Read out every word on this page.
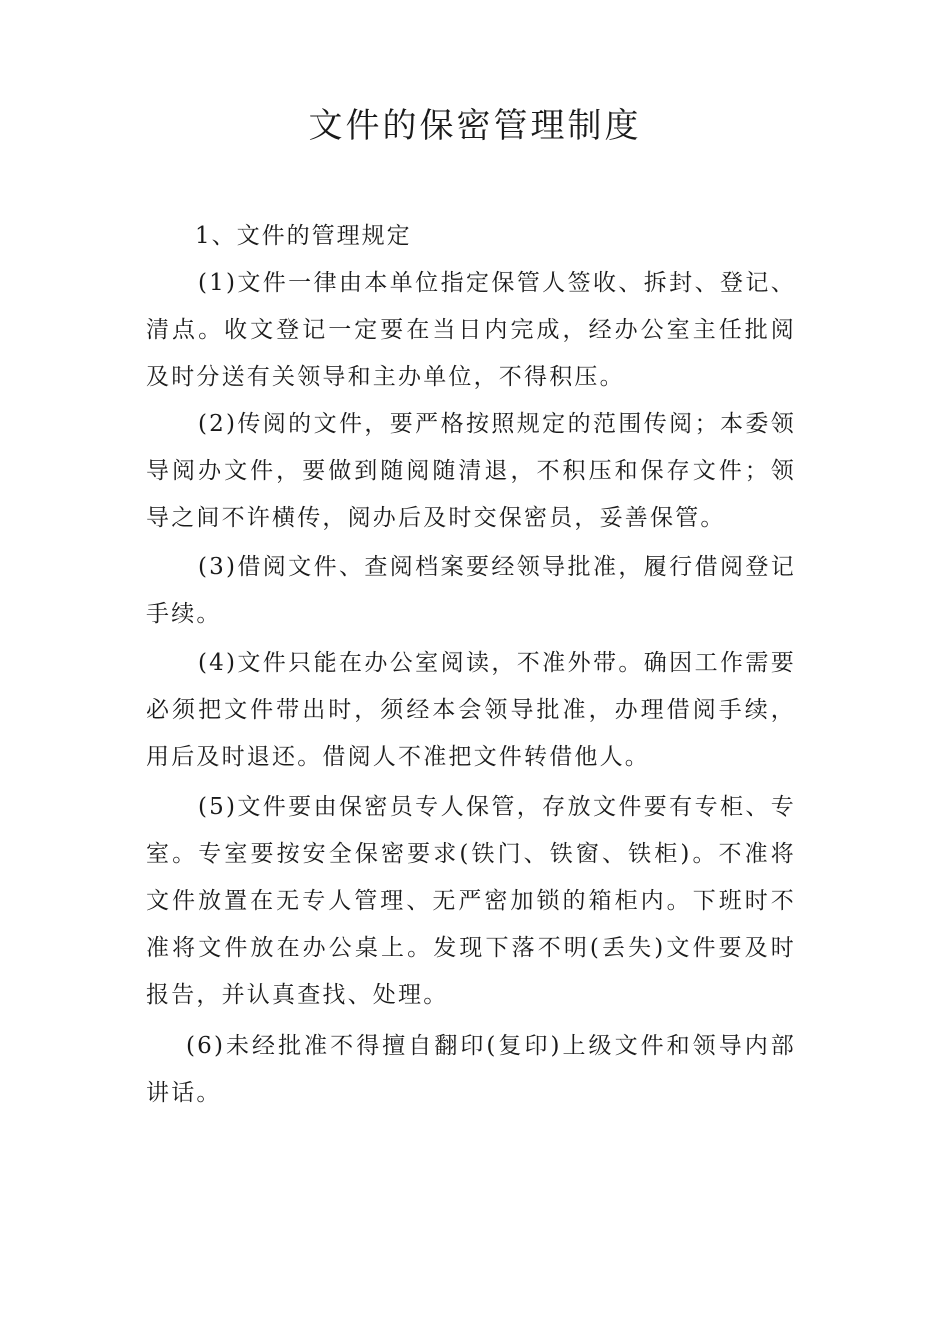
文件的保密管理制度

1、文件的管理规定

(1)文件一律由本单位指定保管人签收、拆封、登记、清点。收文登记一定要在当日内完成，经办公室主任批阅及时分送有关领导和主办单位，不得积压。

(2)传阅的文件，要严格按照规定的范围传阅；本委领导阅办文件，要做到随阅随清退，不积压和保存文件；领导之间不许横传，阅办后及时交保密员，妥善保管。

(3)借阅文件、查阅档案要经领导批准，履行借阅登记手续。

(4)文件只能在办公室阅读，不准外带。确因工作需要必须把文件带出时，须经本会领导批准，办理借阅手续，用后及时退还。借阅人不准把文件转借他人。

(5)文件要由保密员专人保管，存放文件要有专柜、专室。专室要按安全保密要求(铁门、铁窗、铁柜)。不准将文件放置在无专人管理、无严密加锁的箱柜内。下班时不准将文件放在办公桌上。发现下落不明(丢失)文件要及时报告，并认真查找、处理。

(6)未经批准不得擅自翻印(复印)上级文件和领导内部讲话。
